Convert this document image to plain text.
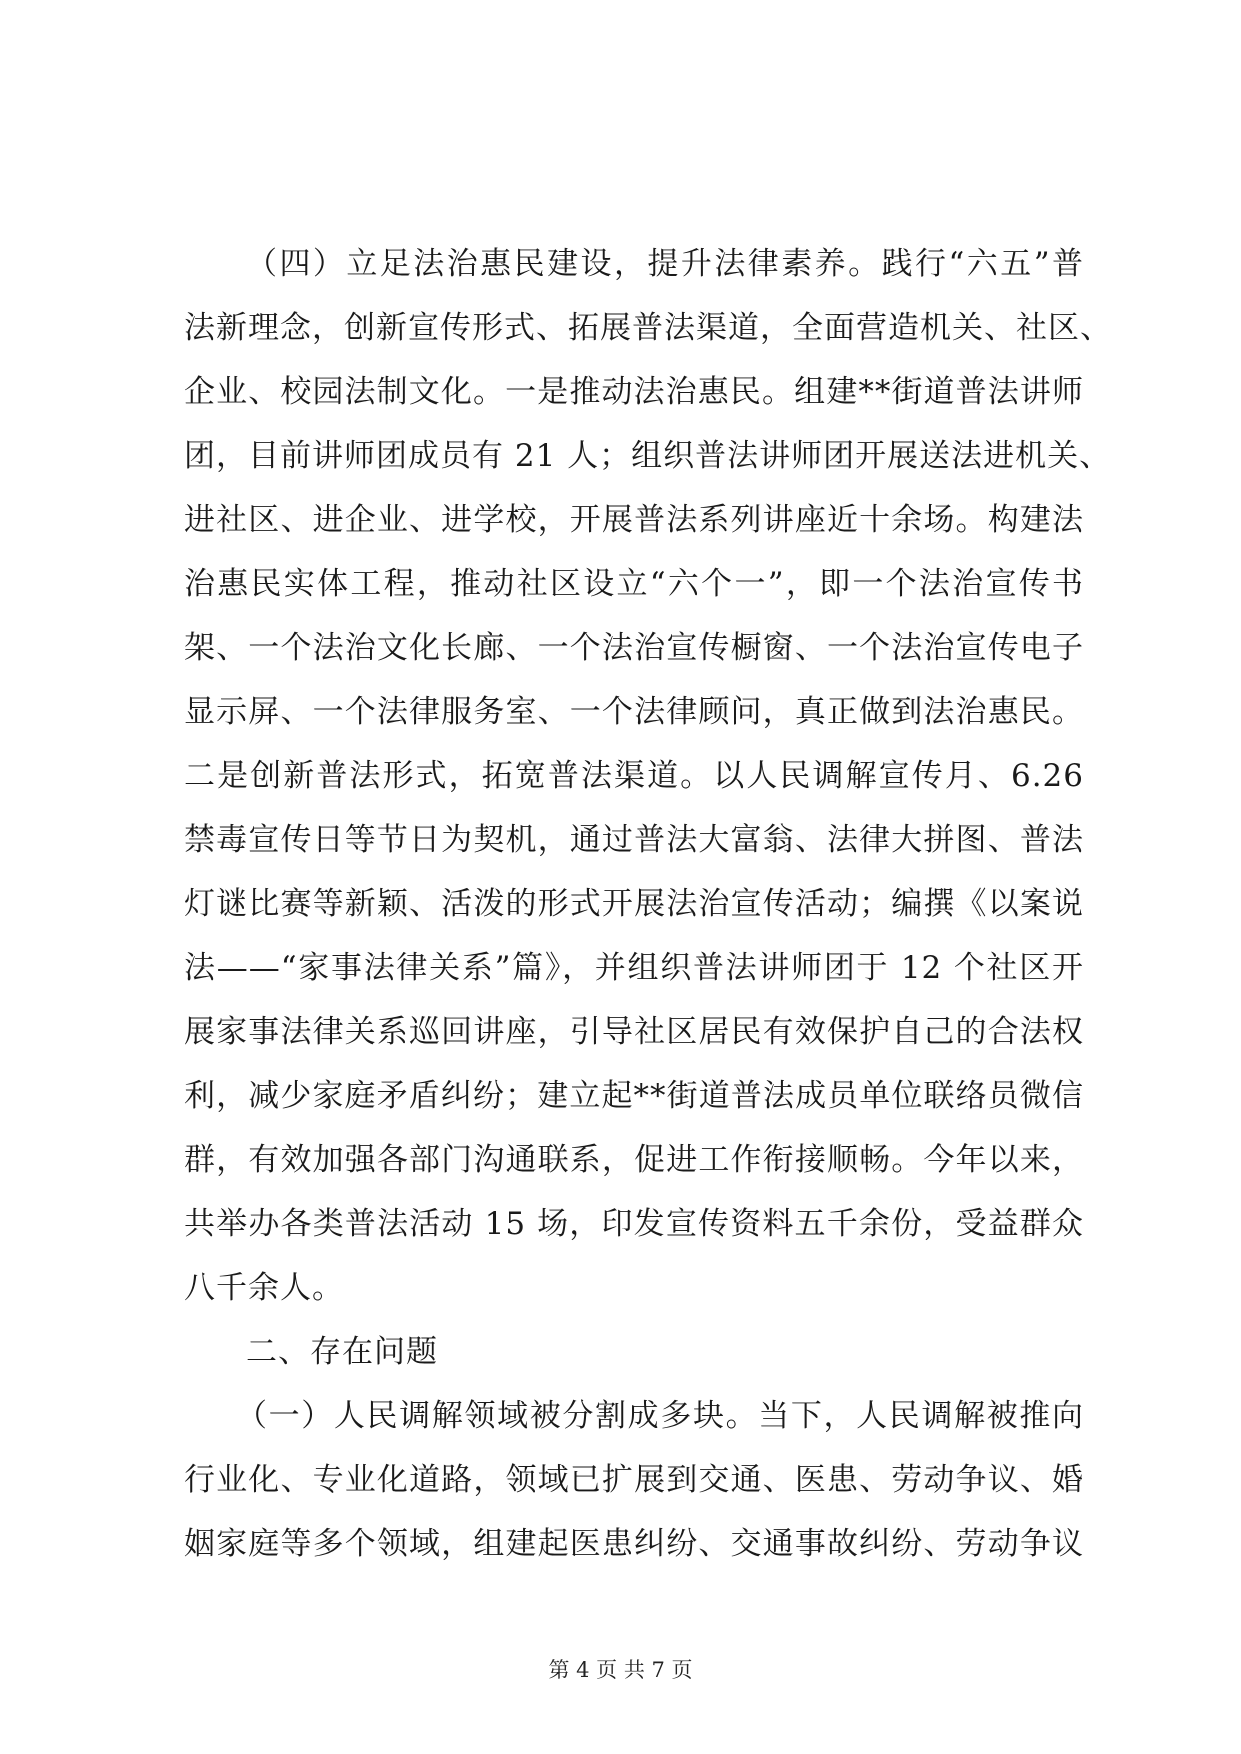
（四）立足法治惠民建设，提升法律素养。践行“六五”普
法新理念，创新宣传形式、拓展普法渠道，全面营造机关、社区、
企业、校园法制文化。一是推动法治惠民。组建**街道普法讲师
团，目前讲师团成员有 21 人；组织普法讲师团开展送法进机关、
进社区、进企业、进学校，开展普法系列讲座近十余场。构建法
治惠民实体工程，推动社区设立“六个一”，即一个法治宣传书
架、一个法治文化长廊、一个法治宣传橱窗、一个法治宣传电子
显示屏、一个法律服务室、一个法律顾问，真正做到法治惠民。
二是创新普法形式，拓宽普法渠道。以人民调解宣传月、6.26
禁毒宣传日等节日为契机，通过普法大富翁、法律大拼图、普法
灯谜比赛等新颖、活泼的形式开展法治宣传活动；编撰《以案说
法——“家事法律关系”篇》，并组织普法讲师团于 12 个社区开
展家事法律关系巡回讲座，引导社区居民有效保护自己的合法权
利，减少家庭矛盾纠纷；建立起**街道普法成员单位联络员微信
群，有效加强各部门沟通联系，促进工作衔接顺畅。今年以来，
共举办各类普法活动 15 场，印发宣传资料五千余份，受益群众
八千余人。
二、存在问题
（一）人民调解领域被分割成多块。当下，人民调解被推向
行业化、专业化道路，领域已扩展到交通、医患、劳动争议、婚
姻家庭等多个领域，组建起医患纠纷、交通事故纠纷、劳动争议
第 4 页 共 7 页
